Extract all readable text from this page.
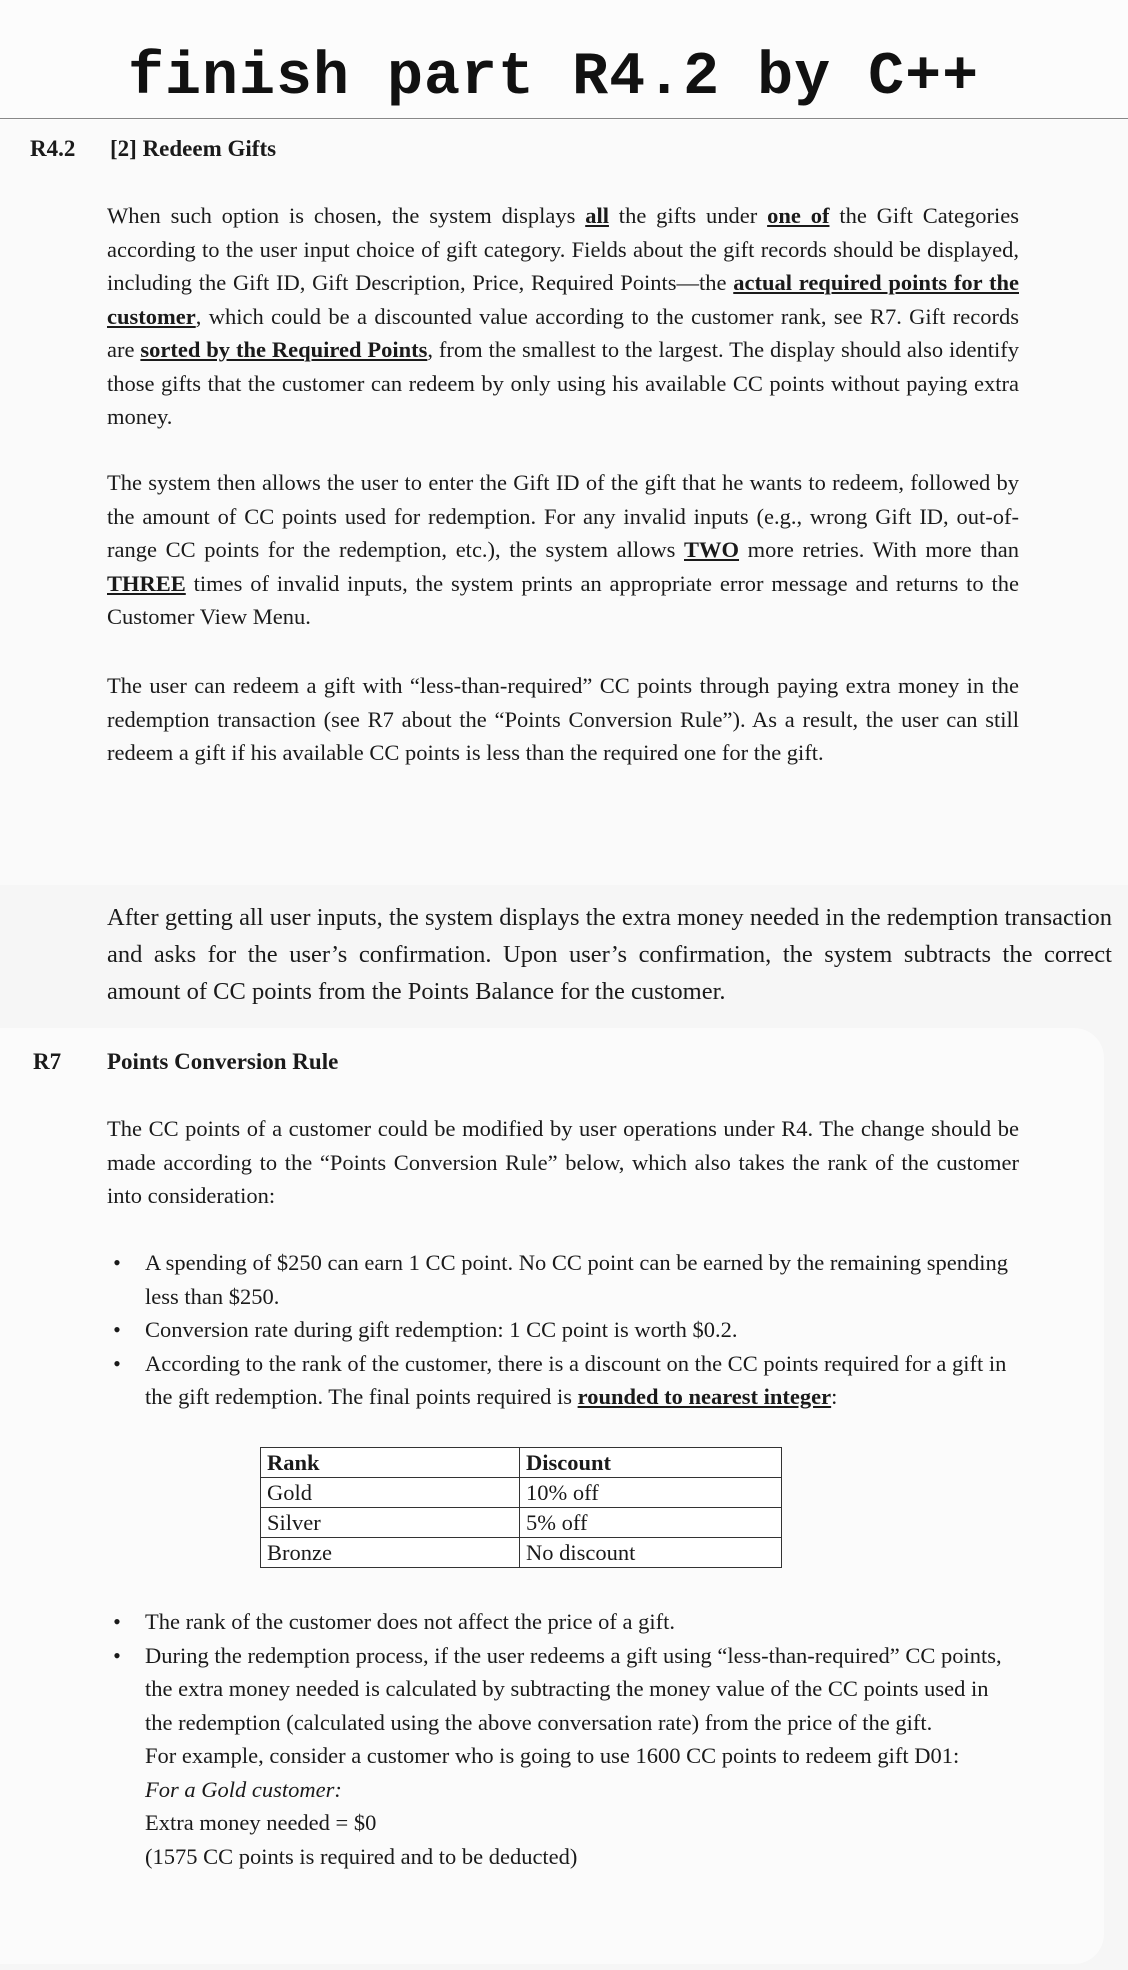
finish part R4.2 by C++
R4.2 [2] Redeem Gifts

When such option is chosen, the system displays all the gifts under one of the Gift Categories according to the user input choice of gift category. Fields about the gift records should be displayed, including the Gift ID, Gift Description, Price, Required Points—the actual required points for the customer, which could be a discounted value according to the customer rank, see R7. Gift records are sorted by the Required Points, from the smallest to the largest. The display should also identify those gifts that the customer can redeem by only using his available CC points without paying extra money.

The system then allows the user to enter the Gift ID of the gift that he wants to redeem, followed by the amount of CC points used for redemption. For any invalid inputs (e.g., wrong Gift ID, out-of-range CC points for the redemption, etc.), the system allows TWO more retries. With more than THREE times of invalid inputs, the system prints an appropriate error message and returns to the Customer View Menu.

The user can redeem a gift with “less-than-required” CC points through paying extra money in the redemption transaction (see R7 about the “Points Conversion Rule”). As a result, the user can still redeem a gift if his available CC points is less than the required one for the gift.

After getting all user inputs, the system displays the extra money needed in the redemption transaction and asks for the user’s confirmation. Upon user’s confirmation, the system subtracts the correct amount of CC points from the Points Balance for the customer.

R7 Points Conversion Rule

The CC points of a customer could be modified by user operations under R4. The change should be made according to the “Points Conversion Rule” below, which also takes the rank of the customer into consideration:

• A spending of $250 can earn 1 CC point. No CC point can be earned by the remaining spending less than $250.
• Conversion rate during gift redemption: 1 CC point is worth $0.2.
• According to the rank of the customer, there is a discount on the CC points required for a gift in the gift redemption. The final points required is rounded to nearest integer:
Rank	Discount
Gold	10% off
Silver	5% off
Bronze	No discount
• The rank of the customer does not affect the price of a gift.
• During the redemption process, if the user redeems a gift using “less-than-required” CC points, the extra money needed is calculated by subtracting the money value of the CC points used in the redemption (calculated using the above conversation rate) from the price of the gift.

For example, consider a customer who is going to use 1600 CC points to redeem gift D01:

For a Gold customer:

Extra money needed = $0

(1575 CC points is required and to be deducted)
